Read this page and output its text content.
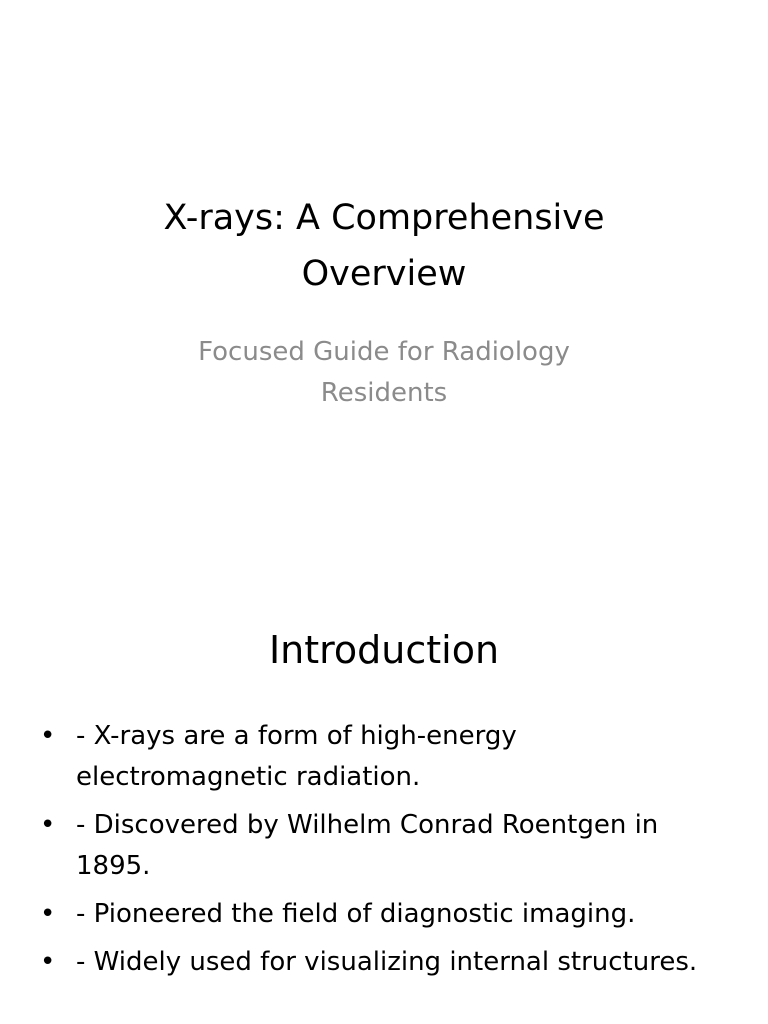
X-rays: A Comprehensive Overview

Focused Guide for Radiology Residents

Introduction
• - X-rays are a form of high-energy electromagnetic radiation.
• - Discovered by Wilhelm Conrad Roentgen in 1895.
• - Pioneered the field of diagnostic imaging.
• - Widely used for visualizing internal structures.
